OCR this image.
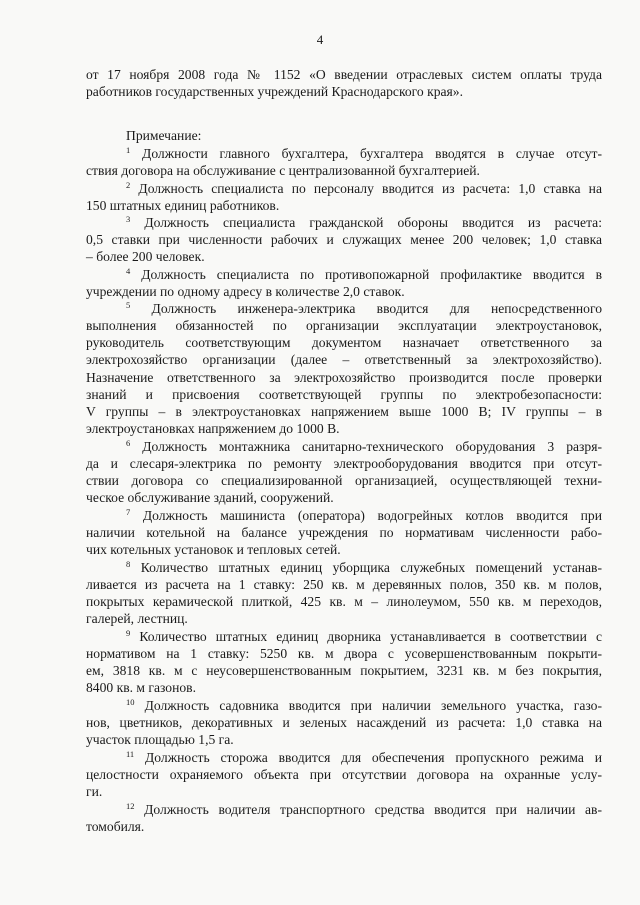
4
от 17 ноября 2008 года № 1152 «О введении отраслевых систем оплаты труда
работников государственных учреждений Краснодарского края».
Примечание:
$^1$ Должности главного бухгалтера, бухгалтера вводятся в случае отсут-
ствия договора на обслуживание с централизованной бухгалтерией.
$^2$ Должность специалиста по персоналу вводится из расчета: 1,0 ставка на
150 штатных единиц работников.
$^3$ Должность специалиста гражданской обороны вводится из расчета:
0,5 ставки при численности рабочих и служащих менее 200 человек; 1,0 ставка
– более 200 человек.
$^4$ Должность специалиста по противопожарной профилактике вводится в
учреждении по одному адресу в количестве 2,0 ставок.
$^5$ Должность инженера-электрика вводится для непосредственного
выполнения обязанностей по организации эксплуатации электроустановок,
руководитель соответствующим документом назначает ответственного за
электрохозяйство организации (далее – ответственный за электрохозяйство).
Назначение ответственного за электрохозяйство производится после проверки
знаний и присвоения соответствующей группы по электробезопасности:
V группы – в электроустановках напряжением выше 1000 В; IV группы – в
электроустановках напряжением до 1000 В.
$^6$ Должность монтажника санитарно-технического оборудования 3 разря-
да и слесаря-электрика по ремонту электрооборудования вводится при отсут-
ствии договора со специализированной организацией, осуществляющей техни-
ческое обслуживание зданий, сооружений.
$^7$ Должность машиниста (оператора) водогрейных котлов вводится при
наличии котельной на балансе учреждения по нормативам численности рабо-
чих котельных установок и тепловых сетей.
$^8$ Количество штатных единиц уборщика служебных помещений устанав-
ливается из расчета на 1 ставку: 250 кв. м деревянных полов, 350 кв. м полов,
покрытых керамической плиткой, 425 кв. м – линолеумом, 550 кв. м переходов,
галерей, лестниц.
$^9$ Количество штатных единиц дворника устанавливается в соответствии с
нормативом на 1 ставку: 5250 кв. м двора с усовершенствованным покрыти-
ем, 3818 кв. м с неусовершенствованным покрытием, 3231 кв. м без покрытия,
8400 кв. м газонов.
$^{10}$ Должность садовника вводится при наличии земельного участка, газо-
нов, цветников, декоративных и зеленых насаждений из расчета: 1,0 ставка на
участок площадью 1,5 га.
$^{11}$ Должность сторожа вводится для обеспечения пропускного режима и
целостности охраняемого объекта при отсутствии договора на охранные услу-
ги.
$^{12}$ Должность водителя транспортного средства вводится при наличии ав-
томобиля.
